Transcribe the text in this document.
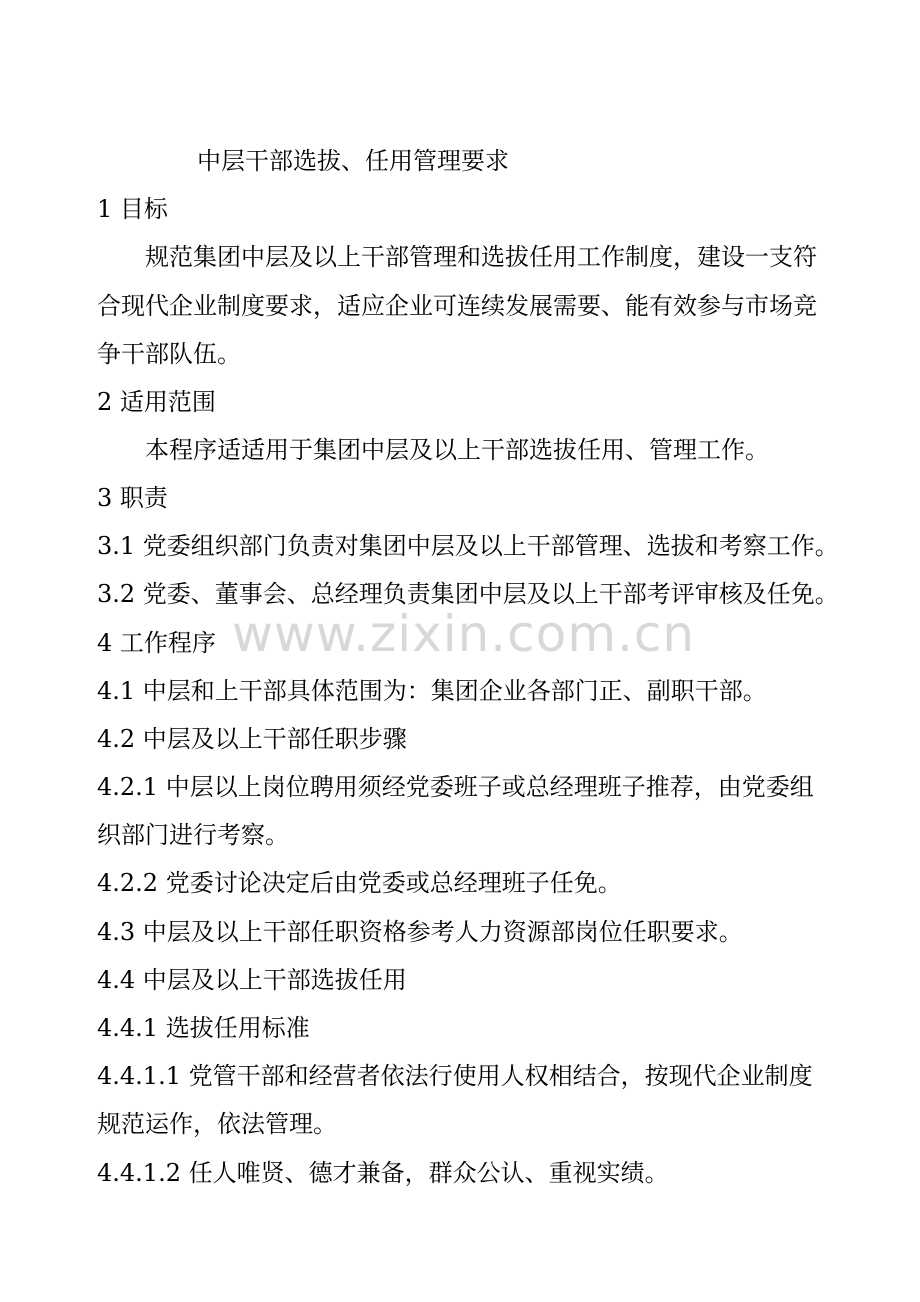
中层干部选拔、任用管理要求
1 目标
规范集团中层及以上干部管理和选拔任用工作制度，建设一支符
合现代企业制度要求，适应企业可连续发展需要、能有效参与市场竞
争干部队伍。
2 适用范围
本程序适适用于集团中层及以上干部选拔任用、管理工作。
3 职责
3.1 党委组织部门负责对集团中层及以上干部管理、选拔和考察工作。
3.2 党委、董事会、总经理负责集团中层及以上干部考评审核及任免。
4 工作程序
4.1 中层和上干部具体范围为：集团企业各部门正、副职干部。
4.2 中层及以上干部任职步骤
4.2.1 中层以上岗位聘用须经党委班子或总经理班子推荐，由党委组
织部门进行考察。
4.2.2 党委讨论决定后由党委或总经理班子任免。
4.3 中层及以上干部任职资格参考人力资源部岗位任职要求。
4.4 中层及以上干部选拔任用
4.4.1 选拔任用标准
4.4.1.1 党管干部和经营者依法行使用人权相结合，按现代企业制度
规范运作，依法管理。
4.4.1.2 任人唯贤、德才兼备，群众公认、重视实绩。
www.zixin.com.cn
